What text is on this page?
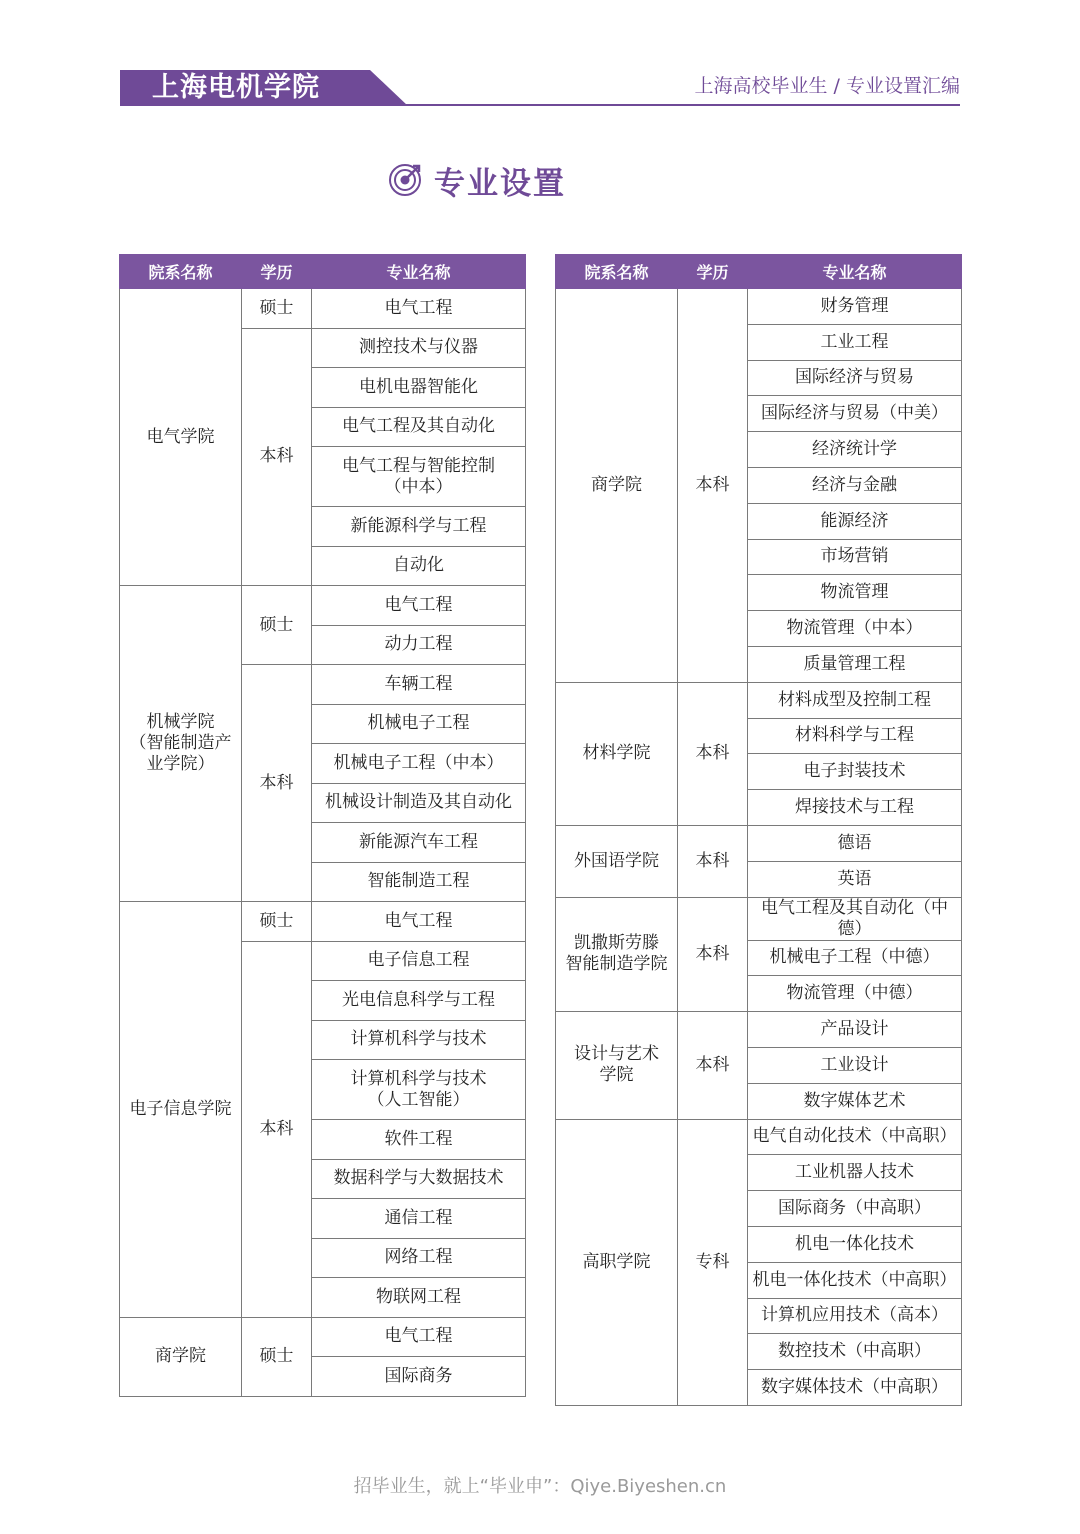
上海电机学院	上海高校毕业生 / 专业设置汇编
专业设置
院系名称	学历	专业名称
电气学院	硕士	电气工程
	本科	测控技术与仪器
		电机电器智能化
		电气工程及其自动化
		电气工程与智能控制
（中本）
		新能源科学与工程
		自动化
机械学院
（智能制造产
业学院）	硕士	电气工程
		动力工程
	本科	车辆工程
		机械电子工程
		机械电子工程（中本）
		机械设计制造及其自动化
		新能源汽车工程
		智能制造工程
电子信息学院	硕士	电气工程
	本科	电子信息工程
		光电信息科学与工程
		计算机科学与技术
		计算机科学与技术
（人工智能）
		软件工程
		数据科学与大数据技术
		通信工程
		网络工程
		物联网工程
商学院	硕士	电气工程
		国际商务
院系名称	学历	专业名称
商学院	本科	财务管理
		工业工程
		国际经济与贸易
		国际经济与贸易（中美）
		经济统计学
		经济与金融
		能源经济
		市场营销
		物流管理
		物流管理（中本）
		质量管理工程
材料学院	本科	材料成型及控制工程
		材料科学与工程
		电子封装技术
		焊接技术与工程
外国语学院	本科	德语
		英语
凯撒斯劳滕
智能制造学院	本科	电气工程及其自动化（中德）
		机械电子工程（中德）
		物流管理（中德）
设计与艺术
学院	本科	产品设计
		工业设计
		数字媒体艺术
高职学院	专科	电气自动化技术（中高职）
		工业机器人技术
		国际商务（中高职）
		机电一体化技术
		机电一体化技术（中高职）
		计算机应用技术（高本）
		数控技术（中高职）
		数字媒体技术（中高职）
招毕业生，就上“毕业申”：Qiye.Biyeshen.cn
